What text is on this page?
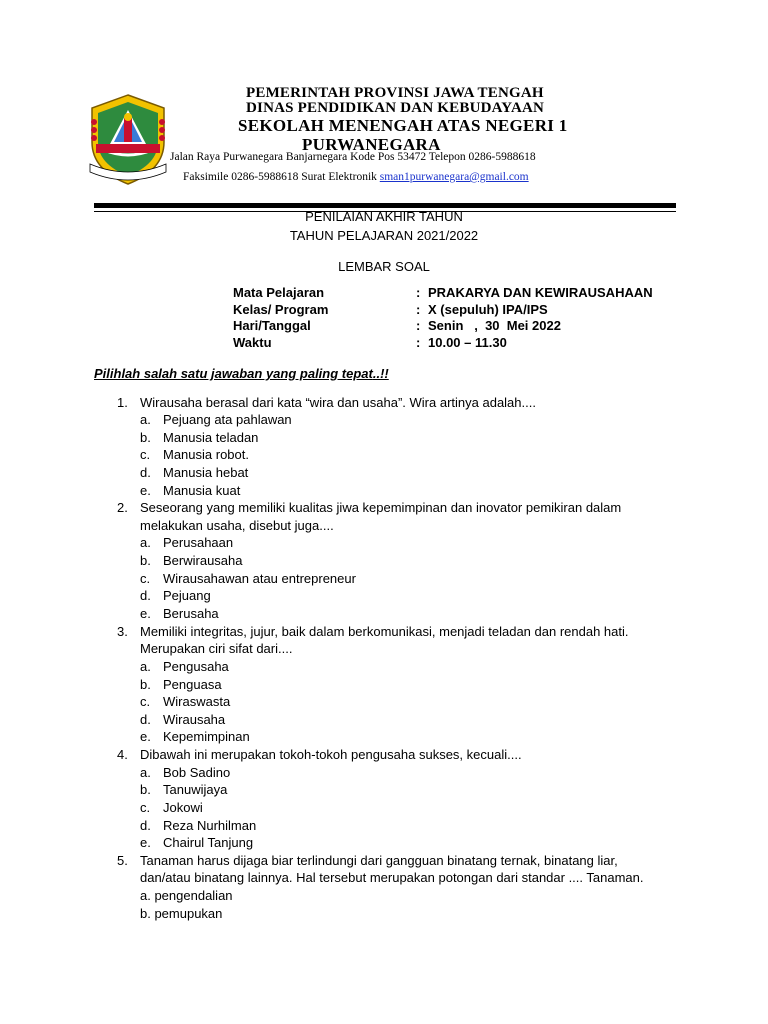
PEMERINTAH PROVINSI JAWA TENGAH
DINAS PENDIDIKAN DAN KEBUDAYAAN
SEKOLAH MENENGAH ATAS NEGERI 1
PURWANEGARA
Jalan Raya Purwanegara Banjarnegara Kode Pos 53472 Telepon 0286-5988618
Faksimile 0286-5988618 Surat Elektronik sman1purwanegara@gmail.com
PENILAIAN AKHIR TAHUN
TAHUN PELAJARAN 2021/2022
LEMBAR SOAL
Mata Pelajaran	: PRAKARYA DAN KEWIRAUSAHAAN
Kelas/ Program	: X (sepuluh) IPA/IPS
Hari/Tanggal	: Senin   ,  30  Mei 2022
Waktu	: 10.00 – 11.30
Pilihlah salah satu jawaban yang paling tepat..!!
1. Wirausaha berasal dari kata “wira dan usaha”. Wira artinya adalah....
a. Pejuang ata pahlawan
b. Manusia teladan
c. Manusia robot.
d. Manusia hebat
e. Manusia kuat
2. Seseorang yang memiliki kualitas jiwa kepemimpinan dan inovator pemikiran dalam
melakukan usaha, disebut juga....
a. Perusahaan
b. Berwirausaha
c. Wirausahawan atau entrepreneur
d. Pejuang
e. Berusaha
3. Memiliki integritas, jujur, baik dalam berkomunikasi, menjadi teladan dan rendah hati.
Merupakan ciri sifat dari....
a. Pengusaha
b. Penguasa
c. Wiraswasta
d. Wirausaha
e. Kepemimpinan
4. Dibawah ini merupakan tokoh-tokoh pengusaha sukses, kecuali....
a. Bob Sadino
b. Tanuwijaya
c. Jokowi
d. Reza Nurhilman
e. Chairul Tanjung
5. Tanaman harus dijaga biar terlindungi dari gangguan binatang ternak, binatang liar,
dan/atau binatang lainnya. Hal tersebut merupakan potongan dari standar .... Tanaman.
a. pengendalian
b. pemupukan
